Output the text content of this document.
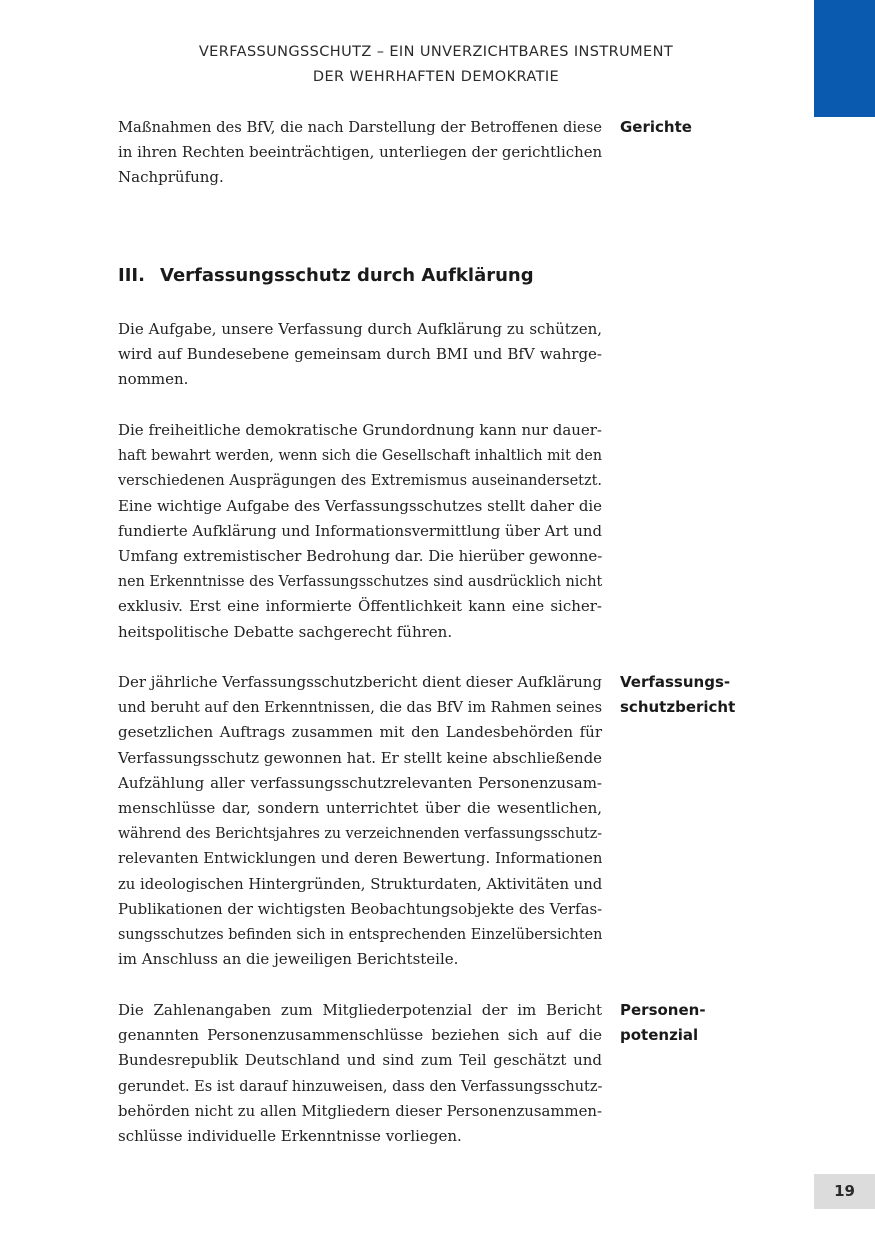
VERFASSUNGSSCHUTZ – EIN UNVERZICHTBARES INSTRUMENT
DER WEHRHAFTEN DEMOKRATIE
Maßnahmen des BfV, die nach Darstellung der Betroffenen diese
in ihren Rechten beeinträchtigen, unterliegen der gerichtlichen
Nachprüfung.
Gerichte
III. Verfassungsschutz durch Aufklärung
Die Aufgabe, unsere Verfassung durch Aufklärung zu schützen,
wird auf Bundesebene gemeinsam durch BMI und BfV wahrge-
nommen.
Die freiheitliche demokratische Grundordnung kann nur dauer-
haft bewahrt werden, wenn sich die Gesellschaft inhaltlich mit den
verschiedenen Ausprägungen des Extremismus auseinandersetzt.
Eine wichtige Aufgabe des Verfassungsschutzes stellt daher die
fundierte Aufklärung und Informationsvermittlung über Art und
Umfang extremistischer Bedrohung dar. Die hierüber gewonne-
nen Erkenntnisse des Verfassungsschutzes sind ausdrücklich nicht
exklusiv. Erst eine informierte Öffentlichkeit kann eine sicher-
heitspolitische Debatte sachgerecht führen.
Der jährliche Verfassungsschutzbericht dient dieser Aufklärung
und beruht auf den Erkenntnissen, die das BfV im Rahmen seines
gesetzlichen Auftrags zusammen mit den Landesbehörden für
Verfassungsschutz gewonnen hat. Er stellt keine abschließende
Aufzählung aller verfassungsschutzrelevanten Personenzusam-
menschlüsse dar, sondern unterrichtet über die wesentlichen,
während des Berichtsjahres zu verzeichnenden verfassungsschutz-
relevanten Entwicklungen und deren Bewertung. Informationen
zu ideologischen Hintergründen, Strukturdaten, Aktivitäten und
Publikationen der wichtigsten Beobachtungsobjekte des Verfas-
sungsschutzes befinden sich in entsprechenden Einzelübersichten
im Anschluss an die jeweiligen Berichtsteile.
Verfassungs-
schutzbericht
Die Zahlenangaben zum Mitgliederpotenzial der im Bericht
genannten Personenzusammenschlüsse beziehen sich auf die
Bundesrepublik Deutschland und sind zum Teil geschätzt und
gerundet. Es ist darauf hinzuweisen, dass den Verfassungsschutz-
behörden nicht zu allen Mitgliedern dieser Personenzusammen-
schlüsse individuelle Erkenntnisse vorliegen.
Personen-
potenzial
19
